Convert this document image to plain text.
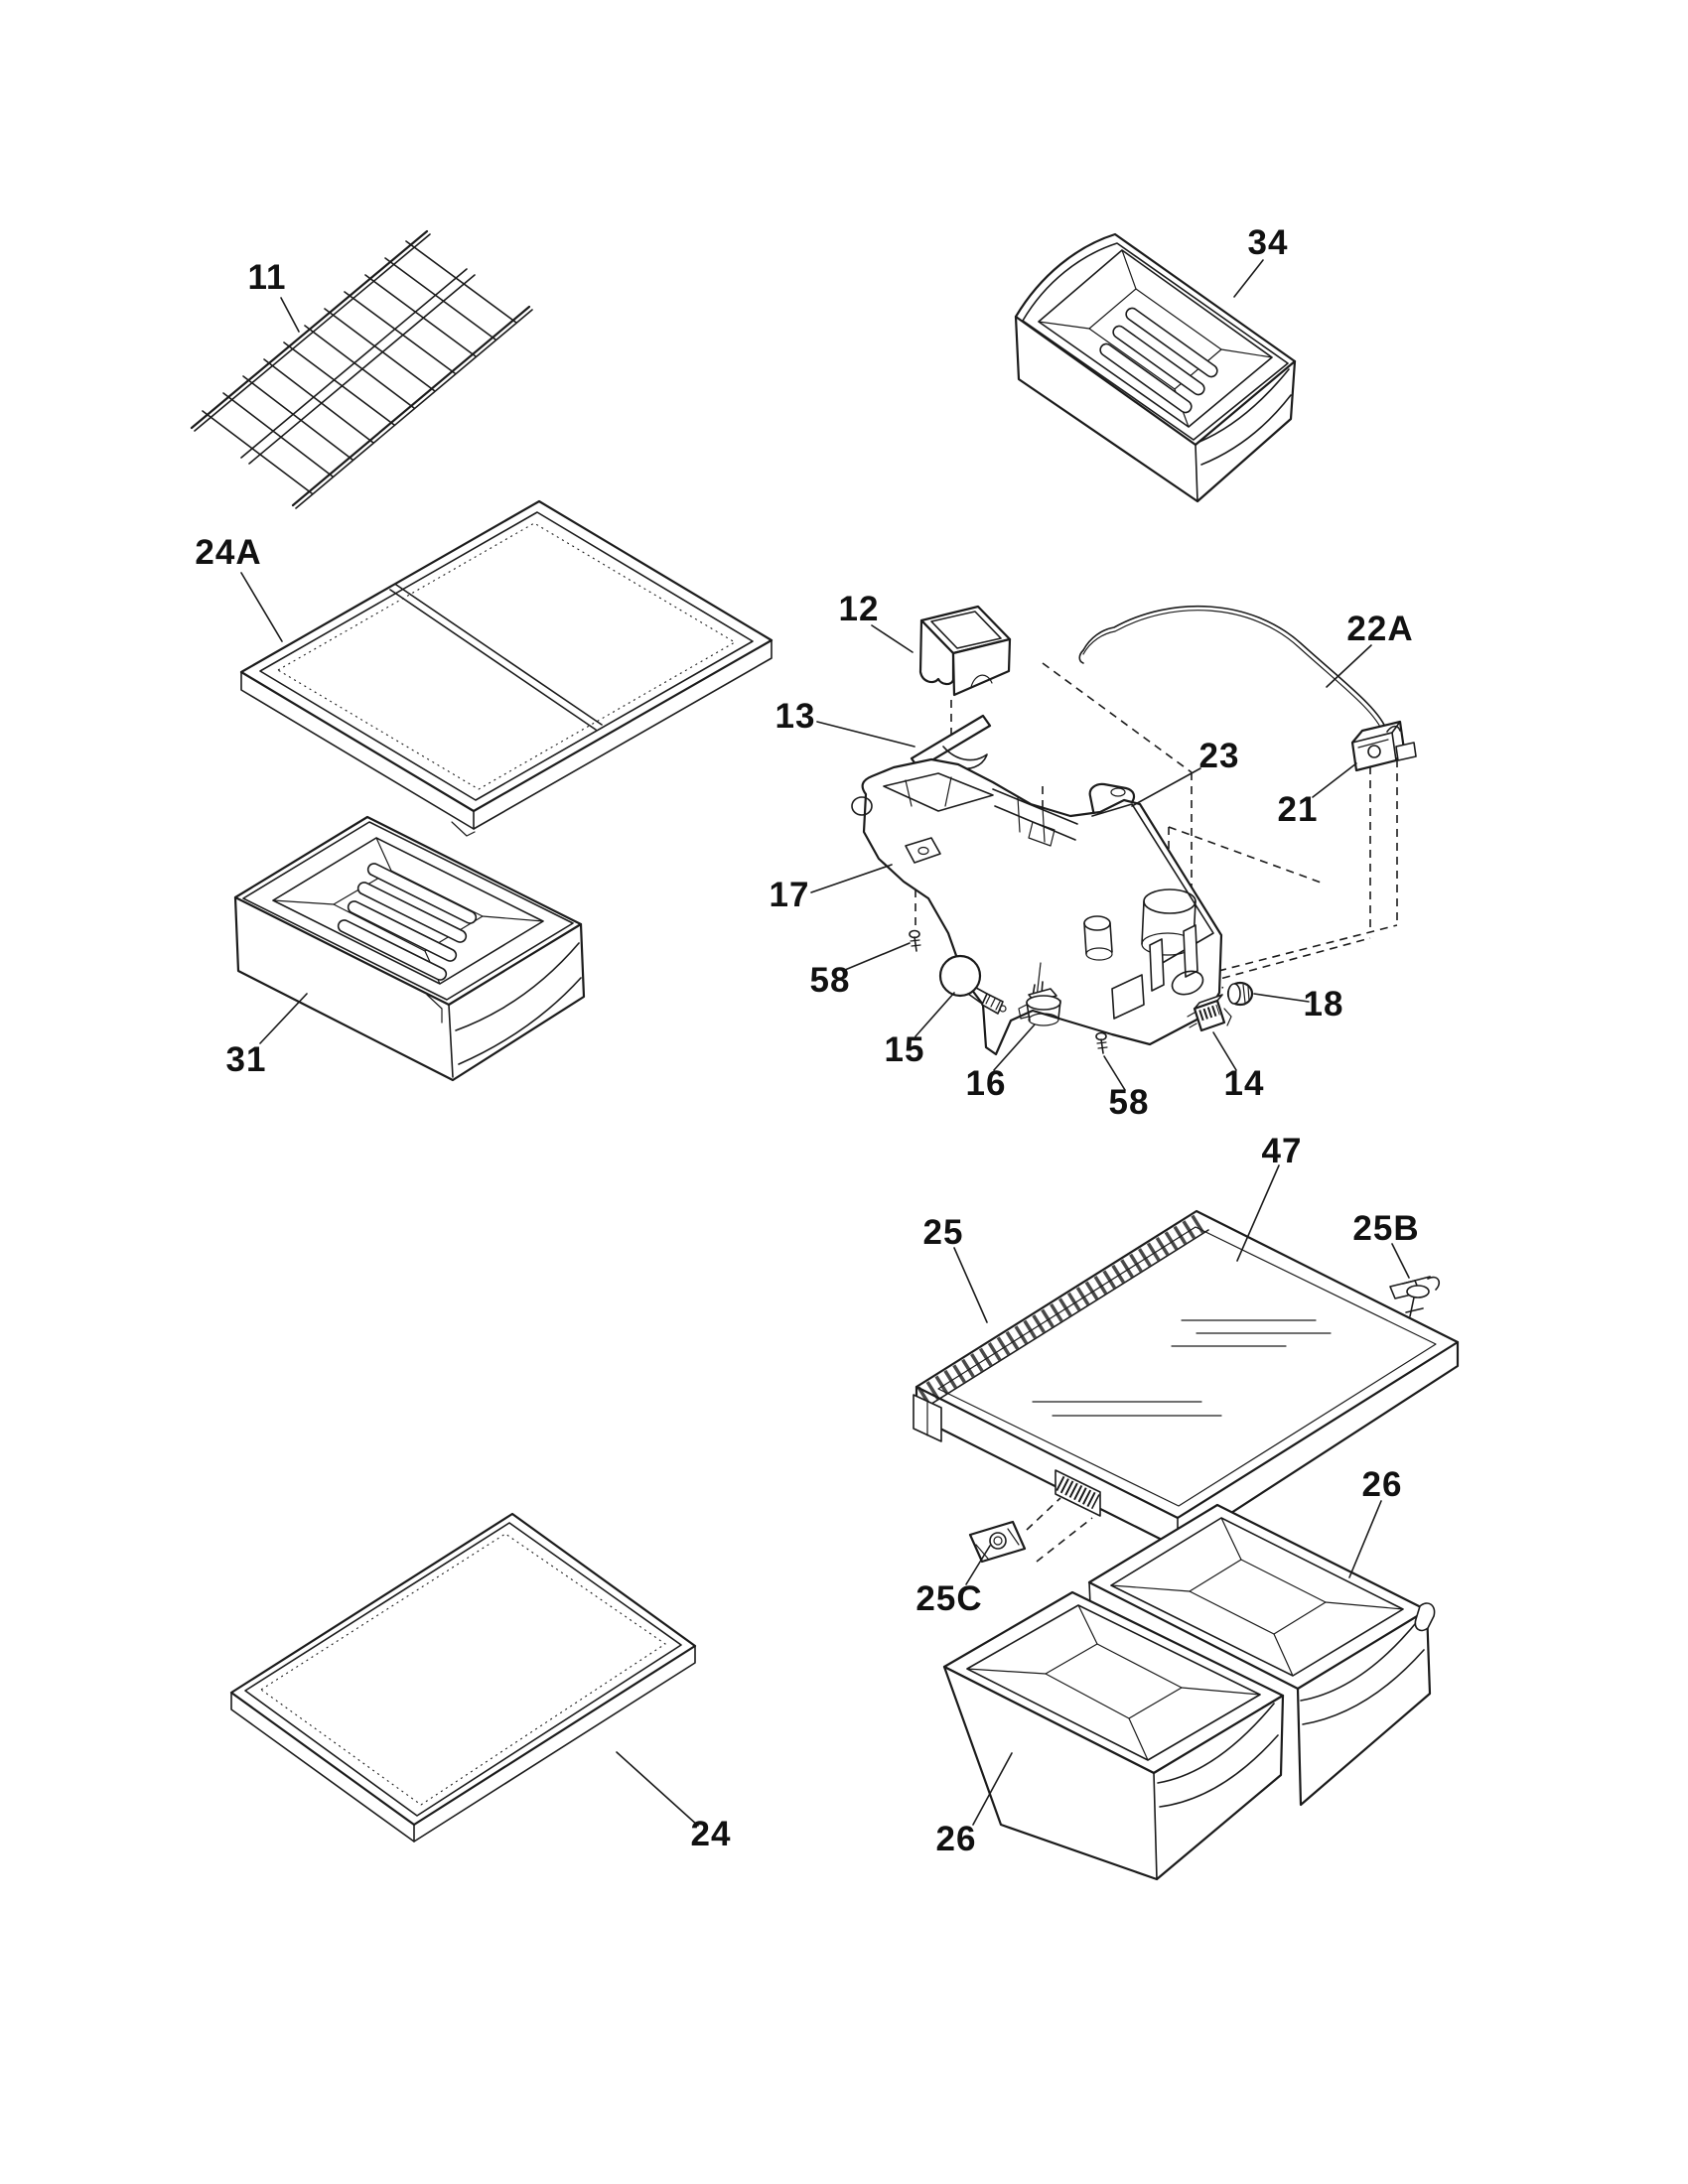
11
34
24A
12
13
22A
23
21
17
58
15
16	58 14
18
31
47
25	25B
25C
26
26
24
